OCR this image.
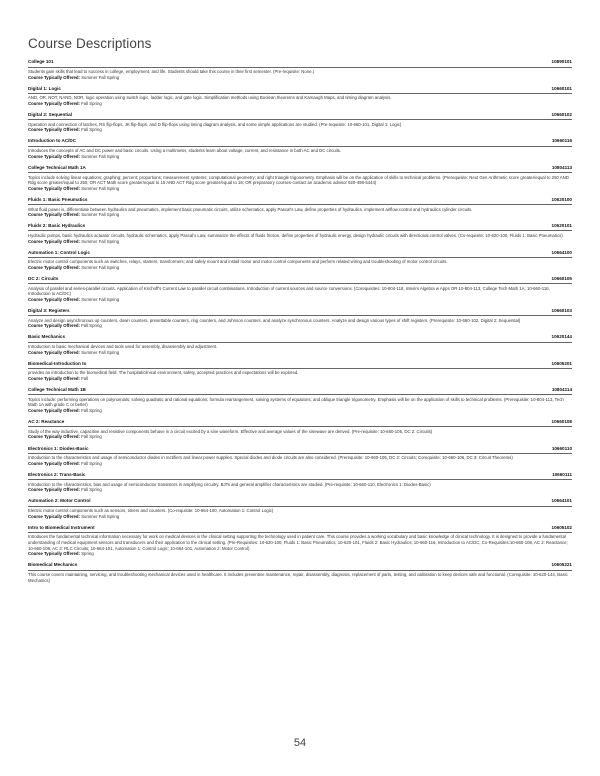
Course Descriptions
College 101	10890101
Students gain skills that lead to success in college, employment, and life. Students should take this course in their first semester. (Pre-requisite: None.)
Course Typically Offered: Summer Fall Spring
Digital 1: Logic	10660101
AND, OR, NOT, NAND, NOR, logic operation using switch logic, ladder logic, and gate logic. Simplification methods using Boolean theorems and Karnaugh Maps, and timing diagram analysis.
Course Typically Offered: Fall Spring
Digital 2: Sequential	10660102
Operation and connection of latches, RS flip-flops, JK flip-flops, and D flip-flops using timing diagram analysis, and some simple applications are studied. (Pre-requisite: 10-660-101, Digital 1: Logic)
Course Typically Offered: Fall Spring
Introduction to AC/DC	10660116
Introduces the concepts of AC and DC power and basic circuits. Using a multimeter, students learn about voltage, current, and resistance in both AC and DC circuits.
Course Typically Offered: Summer Fall Spring
College Technical Math 1A	10804113
Topics include solving linear equations; graphing; percent; proportions; measurement systems; computational geometry; and right triangle trigonometry. Emphasis will be on the application of skills to technical problems. (Prerequisite: Next Gen Arithmetic score greater/equal to 250 AND Rdg score greater/equal to 250, OR ACT Math score greater/equal to 15 AND ACT Rdg score greater/equal to 16; OR preparatory courses-contact an academic advisor 920-498-5444)
Course Typically Offered: Summer Fall Spring
Fluids 1: Basic Pneumatics	10620100
What fluid power is, differentiate between hydraulics and pneumatics, implement basic pneumatic circuits, utilize schematics, apply Pascal's Law, define properties of hydraulics, implement airflow control and hydraulics cylinder circuits.
Course Typically Offered: Summer Fall Spring
Fluids 2: Basic Hydraulics	10620101
Hydraulic pumps, basic hydraulics actuator circuits, hydraulic schematics, apply Pascal's Law, summarize the effects of fluids friction, define properties of hydraulic energy, design hydraulic circuits with directional control valves. (Co-requisite: 10-620-100, Fluids 1: Basic Pneumatics)
Course Typically Offered: Summer Fall Spring
Automation 1: Control Logic	10664100
Electric motor control components such as switches, relays, starters, transformers; and safely mount and install motor and motor control components and perform related wiring and troubleshooting of motor control circuits.
Course Typically Offered: Summer Fall Spring
DC 2: Circuits	10660105
Analysis of parallel and series-parallel circuits. Application of Kirchoff's Current Law to parallel circuit combinations. Introduction of current sources and source conversions. (Corequisites: 10-804-118, Interim Algebra w Apps OR 10-804-113, College Tech Math 1A; 10-660-116, Introduction to AC/DC)
Course Typically Offered: Summer Fall Spring
Digital 3: Registers	10660103
Analyze and design asynchronous up counters, down counters, presettable counters, ring counters, and Johnson counters, and analyze synchronous counters. Analyze and design various types of shift registers. (Prerequisite: 10-660-102, Digital 2: Sequential)
Course Typically Offered: Fall Spring
Basic Mechanics	10620144
Introduction to basic mechanical devices and tools used for assembly, disassembly and adjustment.
Course Typically Offered: Summer Fall Spring
Biomedical-Introduction to	10605201
provides an introduction to the biomedical field. The hospital/clinical environment, safety, accepted practices and expectations will be explored.
Course Typically Offered: Fall
College Technical Math 1B	10804114
Topics include: performing operations on polynomials; solving quadratic and rational equations; formula rearrangement, solving systems of equations; and oblique triangle trigonometry. Emphasis will be on the application of skills to technical problems. (Prerequisite: 10-804-113, Tech Math 1A with grade C or better)
Course Typically Offered: Fall Spring
AC 2: Reactance	10660108
Study of the way inductive, capacitive and resistive components behave in a circuit excited by a sine waveform. Effective and average values of the sinewave are derived. (Pre-requisite: 10-660-105, DC 2: Circuits)
Course Typically Offered: Fall Spring
Electronics 1: Diodes-Basic	10660110
Introduction to the characteristics and usage of semiconductor diodes in rectifiers and linear power supplies. Special diodes and diode circuits are also considered. (Prerequisite: 10-660-105, DC 2: Circuits; Corequisite: 10-660-106, DC 3: Circuit Theorems)
Course Typically Offered: Fall Spring
Electronics 2: Trans-Basic	10660111
Introduction to the characteristics, bias and usage of semiconductor transistors in amplifying circuitry. BJTs and general amplifier characteristics are studied. (Pre-requisite: 10-660-110, Electronics 1: Diodes-Basic)
Course Typically Offered: Fall Spring
Automation 2: Motor Control	10664101
Electric motor control components such as sensors, timers and counters. (Co-requisite: 10-664-100, Automation 1: Control Logic)
Course Typically Offered: Summer Fall Spring
Intro to Biomedical Instrument	10605102
Introduces the fundamental technical information necessary for work on medical devices in the clinical setting supporting the technology used in patient care. This course provides a working vocabulary and basic knowledge of clinical technology. It is designed to provide a fundamental understanding of medical equipment sensors and transducers and their application to the clinical setting. (Pre-Requisites: 10-620-100, Fluids 1: Basic Pneumatics; 10-620-101, Fluids 2: Basic Hydraulics; 10-660-116, Introduction to AC/DC; Co-Requisites:10-660-108, AC 2: Reactance; 10-660-109, AC 3: RLC Circuits; 10-664-101, Automation 1: Control Logic; 10-664-101, Automation 2: Motor Control)
Course Typically Offered: Spring
Biomedical Mechanics	10605221
This course covers maintaining, servicing, and troubleshooting mechanical devices used in healthcare. It includes preventive maintenance, repair, disassembly, diagnosis, replacement of parts, testing, and calibration to keep devices safe and functional. (Corequisite: 10-620-144, Basic Mechanics)
54
